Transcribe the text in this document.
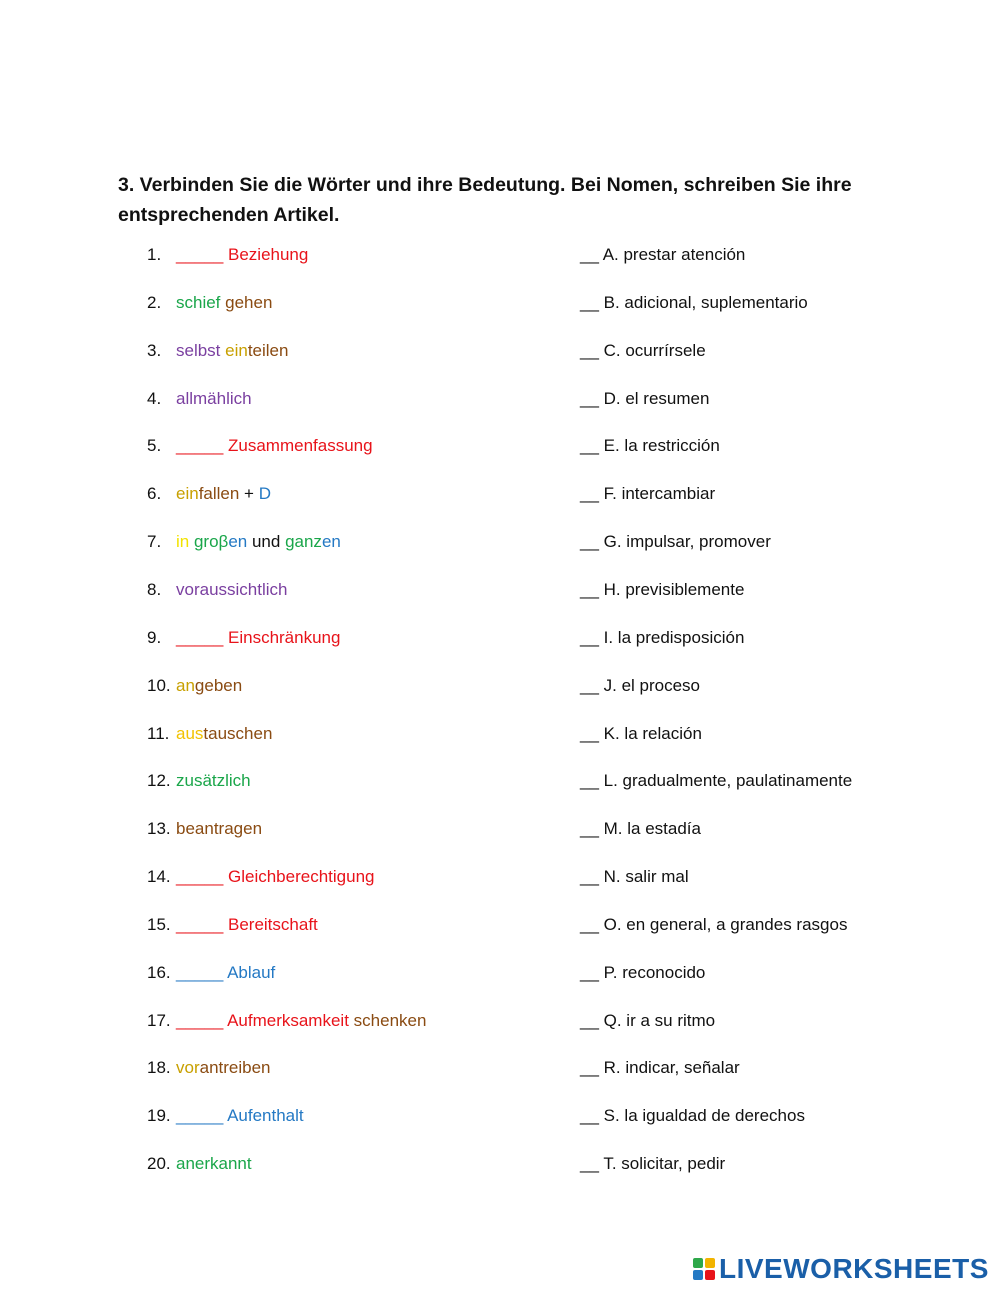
3. Verbinden Sie die Wörter und ihre Bedeutung. Bei Nomen, schreiben Sie ihre entsprechenden Artikel.
1. _____ Beziehung	__ A. prestar atención
2. schief gehen	__ B. adicional, suplementario
3. selbst einteilen	__ C. ocurrírsele
4. allmählich	__ D. el resumen
5. _____ Zusammenfassung	__ E. la restricción
6. einfallen + D	__ F. intercambiar
7. in groβen und ganzen	__ G. impulsar, promover
8. voraussichtlich	__ H. previsiblemente
9. _____ Einschränkung	__ I. la predisposición
10. angeben	__ J. el proceso
11. austauschen	__ K. la relación
12. zusätzlich	__ L. gradualmente, paulatinamente
13. beantragen	__ M. la estadía
14. _____ Gleichberechtigung	__ N. salir mal
15. _____ Bereitschaft	__ O. en general, a grandes rasgos
16. _____ Ablauf	__ P. reconocido
17. _____ Aufmerksamkeit schenken	__ Q. ir a su ritmo
18. vorantreiben	__ R. indicar, señalar
19. _____ Aufenthalt	__ S. la igualdad de derechos
20. anerkannt	__ T. solicitar, pedir
LIVEWORKSHEETS
